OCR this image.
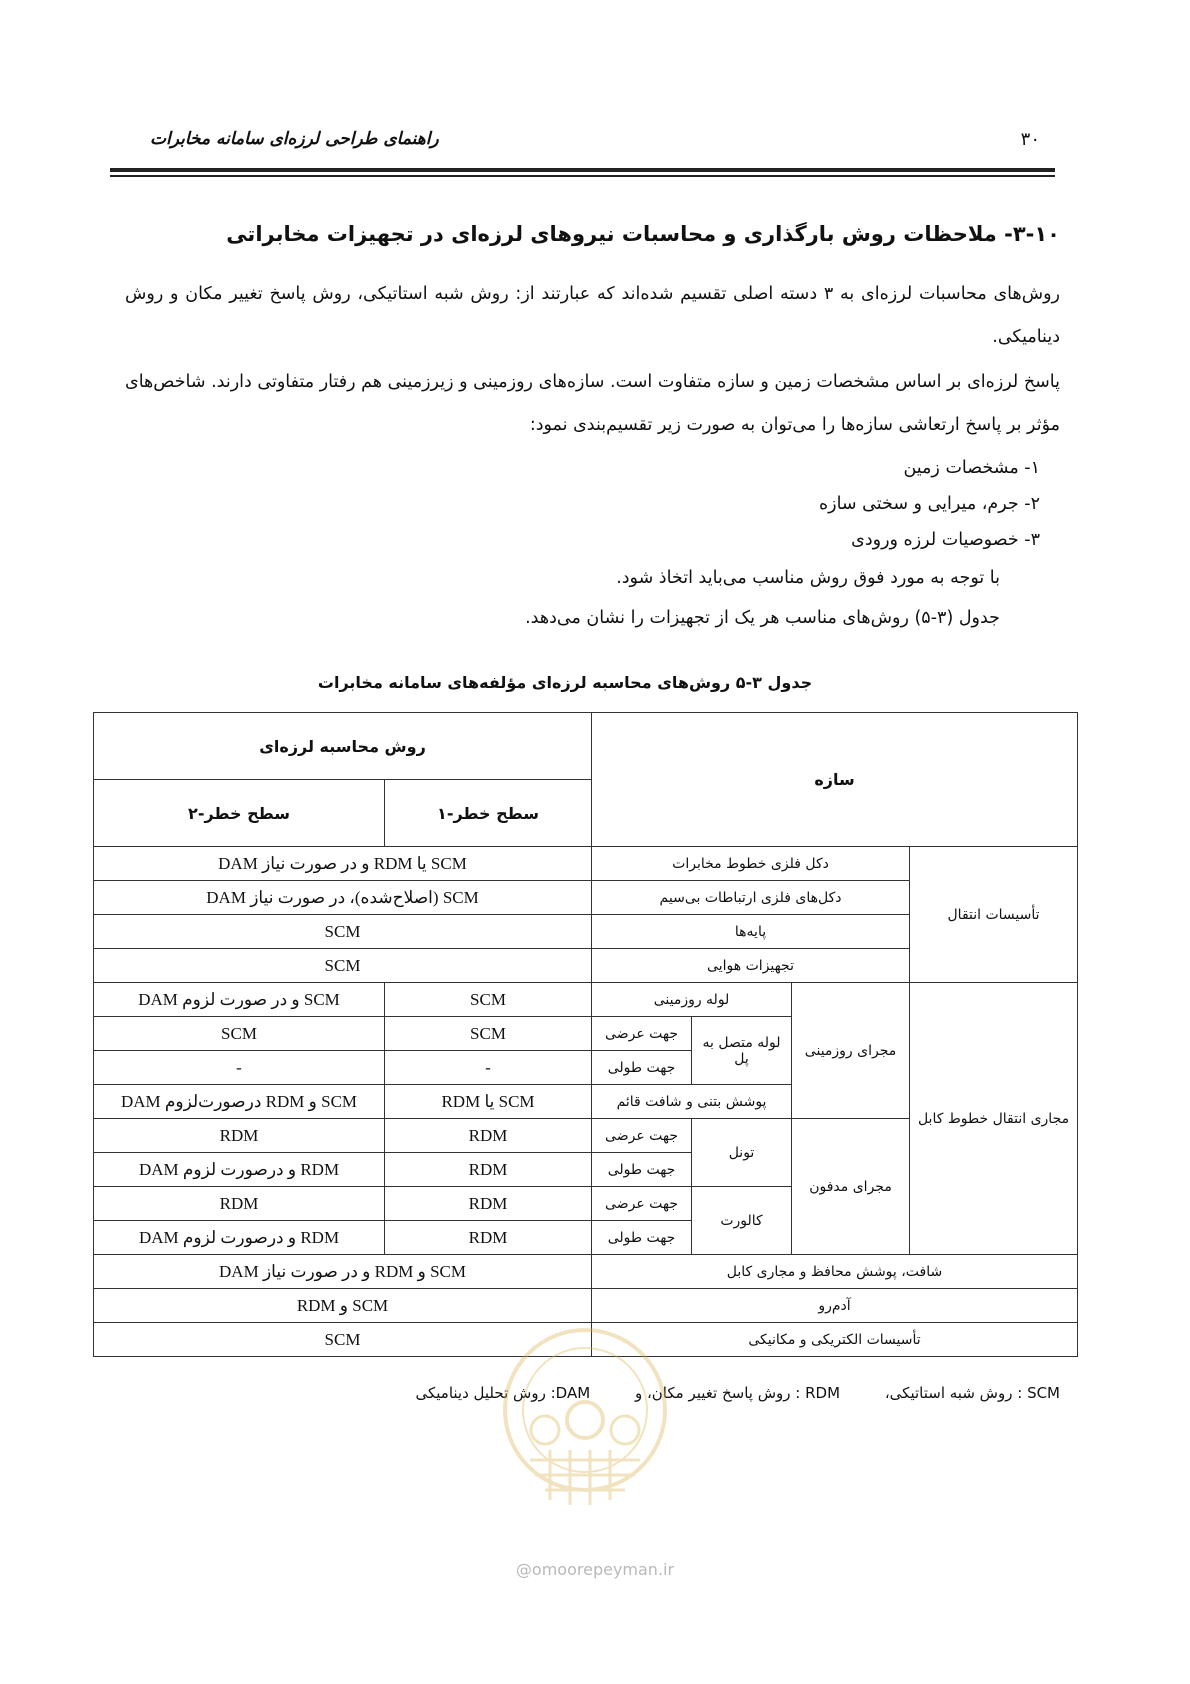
۳۰
راهنمای طراحی لرزه‌ای سامانه مخابرات
۳-۱۰- ملاحظات روش بارگذاری و محاسبات نیروهای لرزه‌ای در تجهیزات مخابراتی
روش‌های محاسبات لرزه‌ای به ۳ دسته اصلی تقسیم شده‌اند که عبارتند از: روش شبه استاتیکی، روش پاسخ تغییر مکان و روش دینامیکی.
پاسخ لرزه‌ای بر اساس مشخصات زمین و سازه متفاوت است. سازه‌های روزمینی و زیرزمینی هم رفتار متفاوتی دارند. شاخص‌های مؤثر بر پاسخ ارتعاشی سازه‌ها را می‌توان به صورت زیر تقسیم‌بندی نمود:
۱- مشخصات زمین
۲- جرم، میرایی و سختی سازه
۳- خصوصیات لرزه ورودی
با توجه به مورد فوق روش مناسب می‌باید اتخاذ شود.
جدول (۳-۵) روش‌های مناسب هر یک از تجهیزات را نشان می‌دهد.
جدول ۳-۵ روش‌های محاسبه لرزه‌ای مؤلفه‌های سامانه مخابرات
سازه				روش محاسبه لرزه‌ای	
				سطح خطر-۱	سطح خطر-۲
تأسیسات انتقال	دکل فلزی خطوط مخابرات			SCM یا RDM و در صورت نیاز DAM	
	دکل‌های فلزی ارتباطات بی‌سیم			SCM (اصلاح‌شده)، در صورت نیاز DAM	
	پایه‌ها			SCM	
	تجهیزات هوایی			SCM	
مجاری انتقال خطوط کابل	مجرای روزمینی	لوله روزمینی		SCM	SCM و در صورت لزوم DAM
		لوله متصل به پل	جهت عرضی	SCM	SCM
			جهت طولی	-	-
		پوشش بتنی و شافت قائم		SCM یا RDM	SCM و RDM درصورت‌لزوم DAM
	مجرای مدفون	تونل	جهت عرضی	RDM	RDM
			جهت طولی	RDM	RDM و درصورت لزوم DAM
		کالورت	جهت عرضی	RDM	RDM
			جهت طولی	RDM	RDM و درصورت لزوم DAM
شافت، پوشش محافظ و مجاری کابل				SCM و RDM و در صورت نیاز DAM	
آدم‌رو				SCM و RDM	
تأسیسات الکتریکی و مکانیکی				SCM	
SCM : روش شبه استاتیکی، RDM : روش پاسخ تغییر مکان، و DAM: روش تحلیل دینامیکی
@omoorepeyman.ir
